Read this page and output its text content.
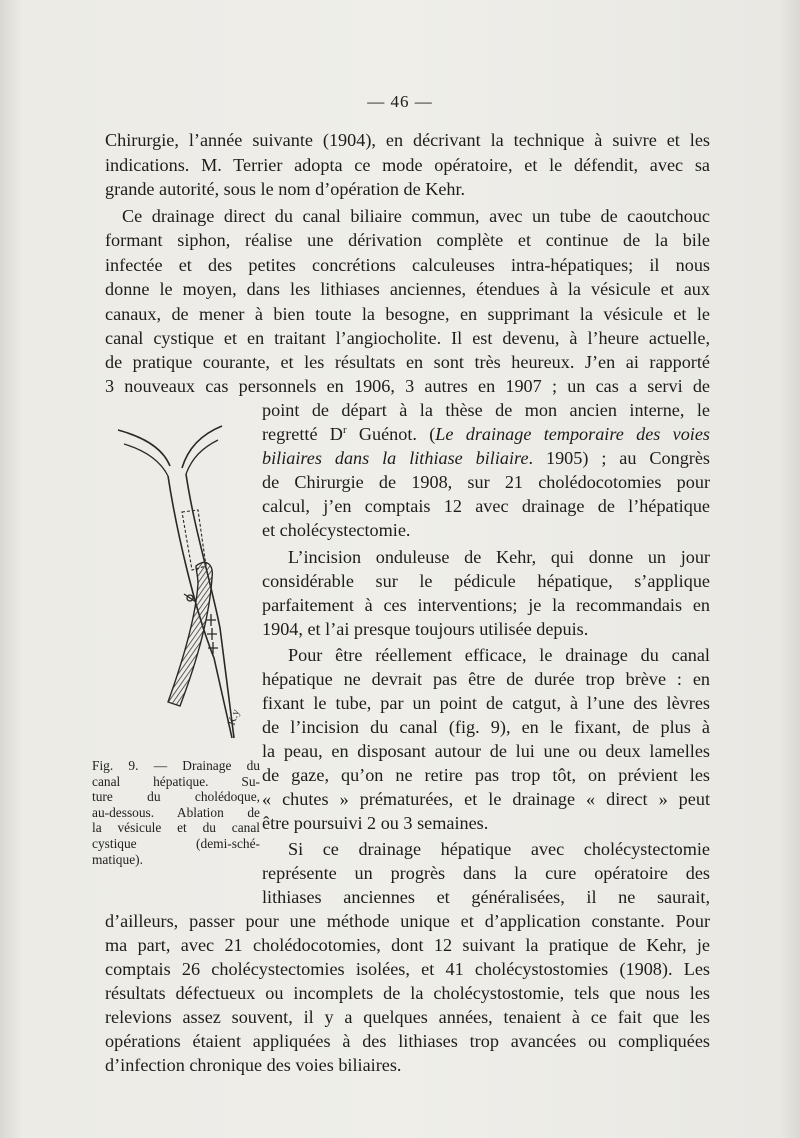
— 46 —
Chirurgie, l’année suivante (1904), en décrivant la technique à suivre et les
indications. M. Terrier adopta ce mode opératoire, et le défendit, avec sa
grande autorité, sous le nom d’opération de Kehr.
Ce drainage direct du canal biliaire commun, avec un tube de caoutchouc
formant siphon, réalise une dérivation complète et continue de la bile
infectée et des petites concrétions calculeuses intra-hépatiques; il nous
donne le moyen, dans les lithiases anciennes, étendues à la vésicule et aux
canaux, de mener à bien toute la besogne, en supprimant la vésicule et le
canal cystique et en traitant l’angiocholite. Il est devenu, à l’heure actuelle,
de pratique courante, et les résultats en sont très heureux. J’en ai rapporté
3 nouveaux cas personnels en 1906, 3 autres en 1907 ; un cas a servi de
point de départ à la thèse de mon ancien interne, le
regretté $D^r$ Guénot. (Le drainage temporaire des voies
biliaires dans la lithiase biliaire. 1905) ; au Congrès
de Chirurgie de 1908, sur 21 cholédocotomies pour
calcul, j’en comptais 12 avec drainage de l’hépatique
et cholécystectomie.
L’incision onduleuse de Kehr, qui donne un jour
considérable sur le pédicule hépatique, s’applique
parfaitement à ces interventions; je la recommandais en
1904, et l’ai presque toujours utilisée depuis.
Pour être réellement efficace, le drainage du canal
hépatique ne devrait pas être de durée trop brève : en
fixant le tube, par un point de catgut, à l’une des lèvres
de l’incision du canal (fig. 9), en le fixant, de plus à
la peau, en disposant autour de lui une ou deux lamelles
de gaze, qu’on ne retire pas trop tôt, on prévient les
« chutes » prématurées, et le drainage « direct » peut
être poursuivi 2 ou 3 semaines.
Si ce drainage hépatique avec cholécystectomie
représente un progrès dans la cure opératoire des
lithiases anciennes et généralisées, il ne saurait,
d’ailleurs, passer pour une méthode unique et d’application constante. Pour
ma part, avec 21 cholédocotomies, dont 12 suivant la pratique de Kehr, je
comptais 26 cholécystectomies isolées, et 41 cholécystostomies (1908). Les
résultats défectueux ou incomplets de la cholécystostomie, tels que nous les
relevions assez souvent, il y a quelques années, tenaient à ce fait que les
opérations étaient appliquées à des lithiases trop avancées ou compliquées
d’infection chronique des voies biliaires.
K.y
Fig. 9. — Drainage du
canal hépatique. Su-
ture du cholédoque,
au-dessous. Ablation de
la vésicule et du canal
cystique (demi-sché-
matique).
